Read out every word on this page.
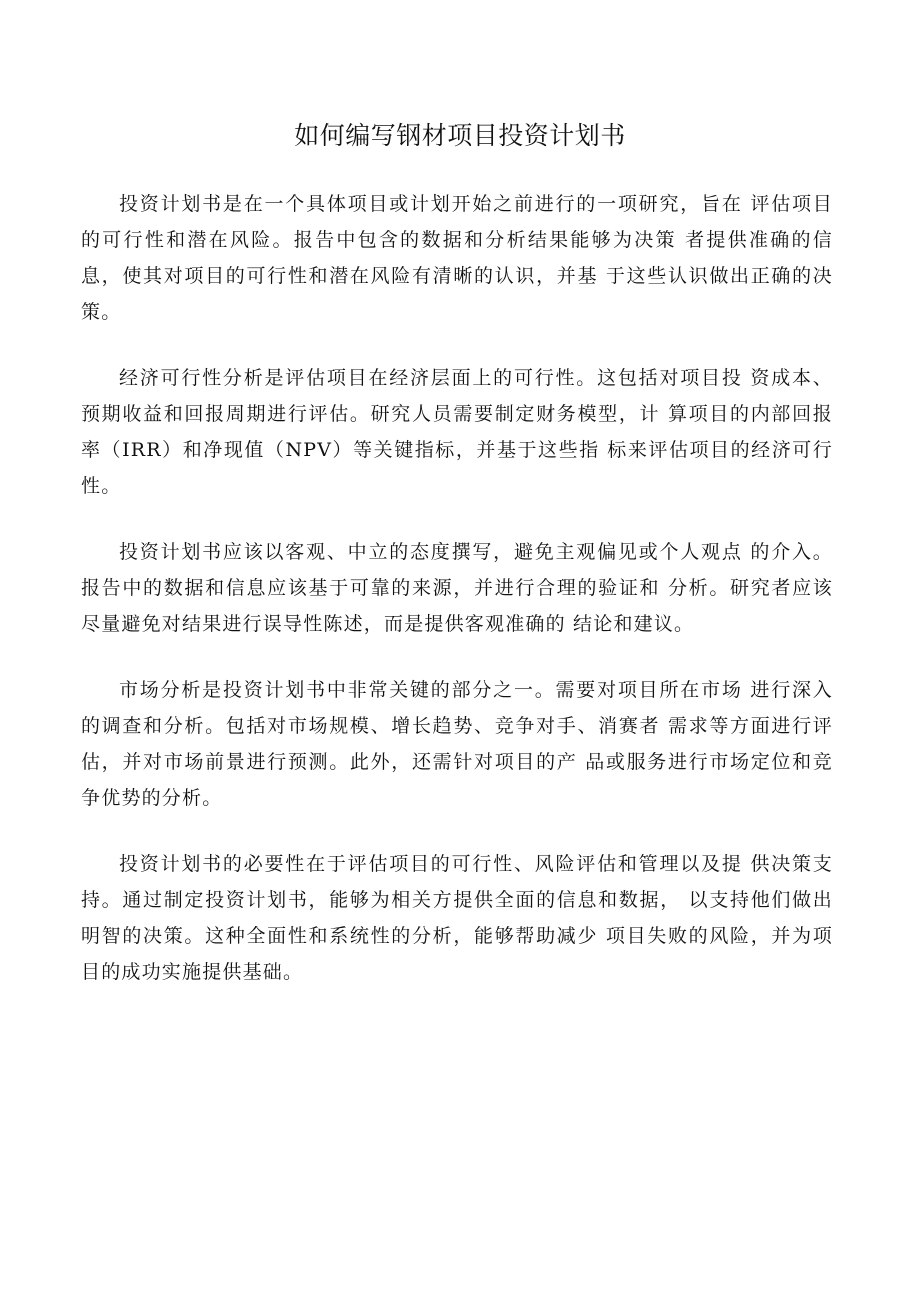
如何编写钢材项目投资计划书

投资计划书是在一个具体项目或计划开始之前进行的一项研究，旨在 评估项目的可行性和潜在风险。报告中包含的数据和分析结果能够为决策 者提供准确的信息，使其对项目的可行性和潜在风险有清晰的认识，并基 于这些认识做出正确的决策。

经济可行性分析是评估项目在经济层面上的可行性。这包括对项目投 资成本、预期收益和回报周期进行评估。研究人员需要制定财务模型，计 算项目的内部回报率（IRR）和净现值（NPV）等关键指标，并基于这些指 标来评估项目的经济可行性。

投资计划书应该以客观、中立的态度撰写，避免主观偏见或个人观点 的介入。报告中的数据和信息应该基于可靠的来源，并进行合理的验证和 分析。研究者应该尽量避免对结果进行误导性陈述，而是提供客观准确的 结论和建议。

市场分析是投资计划书中非常关键的部分之一。需要对项目所在市场 进行深入的调查和分析。包括对市场规模、增长趋势、竞争对手、消赛者 需求等方面进行评估，并对市场前景进行预测。此外，还需针对项目的产 品或服务进行市场定位和竞争优势的分析。

投资计划书的必要性在于评估项目的可行性、风险评估和管理以及提 供决策支持。通过制定投资计划书，能够为相关方提供全面的信息和数据， 以支持他们做出明智的决策。这种全面性和系统性的分析，能够帮助减少 项目失败的风险，并为项目的成功实施提供基础。
